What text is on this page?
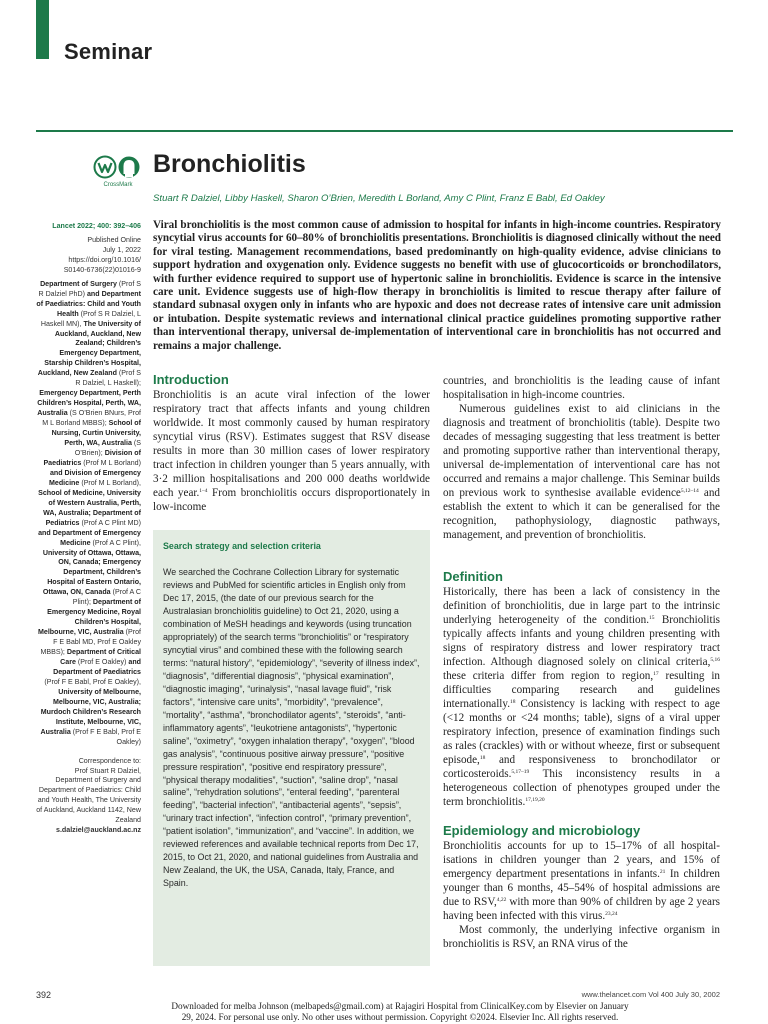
Seminar
CrossMark
Bronchiolitis
Stuart R Dalziel, Libby Haskell, Sharon O’Brien, Meredith L Borland, Amy C Plint, Franz E Babl, Ed Oakley
Lancet 2022; 400: 392–406
Published Online
July 1, 2022
https://doi.org/10.1016/
S0140-6736(22)01016-9
Department of Surgery (Prof S R Dalziel PhD) and Department of Paediatrics: Child and Youth Health (Prof S R Dalziel, L Haskell MN), The University of Auckland, Auckland, New Zealand; Children’s Emergency Department, Starship Children’s Hospital, Auckland, New Zealand (Prof S R Dalziel, L Haskell); Emergency Department, Perth Children’s Hospital, Perth, WA, Australia (S O’Brien BNurs, Prof M L Borland MBBS); School of Nursing, Curtin University, Perth, WA, Australia (S O’Brien); Division of Paediatrics (Prof M L Borland) and Division of Emergency Medicine (Prof M L Borland), School of Medicine, University of Western Australia, Perth, WA, Australia; Department of Pediatrics (Prof A C Plint MD) and Department of Emergency Medicine (Prof A C Plint), University of Ottawa, Ottawa, ON, Canada; Emergency Department, Children’s Hospital of Eastern Ontario, Ottawa, ON, Canada (Prof A C Plint); Department of Emergency Medicine, Royal Children’s Hospital, Melbourne, VIC, Australia (Prof F E Babl MD, Prof E Oakley MBBS); Department of Critical Care (Prof E Oakley) and Department of Paediatrics (Prof F E Babl, Prof E Oakley), University of Melbourne, Melbourne, VIC, Australia; Murdoch Children’s Research Institute, Melbourne, VIC, Australia (Prof F E Babl, Prof E Oakley)
Correspondence to:
Prof Stuart R Dalziel,
Department of Surgery and Department of Paediatrics: Child and Youth Health, The University of Auckland, Auckland 1142, New Zealand
s.dalziel@auckland.ac.nz
Viral bronchiolitis is the most common cause of admission to hospital for infants in high-income countries. Respiratory syncytial virus accounts for 60–80% of bronchiolitis presentations. Bronchiolitis is diagnosed clinically without the need for viral testing. Management recommendations, based predominantly on high-quality evidence, advise clinicians to support hydration and oxygenation only. Evidence suggests no benefit with use of glucocorticoids or bronchodilators, with further evidence required to support use of hypertonic saline in bronchiolitis. Evidence is scarce in the intensive care unit. Evidence suggests use of high-flow therapy in bronchiolitis is limited to rescue therapy after failure of standard subnasal oxygen only in infants who are hypoxic and does not decrease rates of intensive care unit admission or intubation. Despite systematic reviews and international clinical practice guidelines promoting supportive rather than interventional therapy, universal de-implementation of interventional care in bronchiolitis has not occurred and remains a major challenge.
Introduction

Bronchiolitis is an acute viral infection of the lower respiratory tract that affects infants and young children worldwide. It most commonly caused by human respiratory syncytial virus (RSV). Estimates suggest that RSV disease results in more than 30 million cases of lower respiratory tract infection in children younger than 5 years annually, with 3·2 million hospitalisations and 200 000 deaths worldwide each year.$^{1-4}$ From bronchiolitis occurs disproportionately in low-income

Search strategy and selection criteria
We searched the Cochrane Collection Library for systematic reviews and PubMed for scientific articles in English only from Dec 17, 2015, (the date of our previous search for the Australasian bronchiolitis guideline) to Oct 21, 2020, using a combination of MeSH headings and keywords (using truncation appropriately) of the search terms “bronchiolitis” or “respiratory syncytial virus” and combined these with the following search terms: “natural history”, “epidemiology”, “severity of illness index”, “diagnosis”, “differential diagnosis”, “physical examination”, “diagnostic imaging”, “urinalysis”, “nasal lavage fluid”, “risk factors”, “intensive care units”, “morbidity”, “prevalence”, “mortality”, “asthma”, “bronchodilator agents”, “steroids”, “anti-inflammatory agents”, “leukotriene antagonists”, “hypertonic saline”, “oximetry”, “oxygen inhalation therapy”, “oxygen”, “blood gas analysis”, “continuous positive airway pressure”, “positive pressure respiration”, “positive end respiratory pressure”, “physical therapy modalities”, “suction”, “saline drop”, “nasal saline”, “rehydration solutions”, “enteral feeding”, “parenteral feeding”, “bacterial infection”, “antibacterial agents”, “sepsis”, “urinary tract infection”, “infection control”, “primary prevention”, “patient isolation”, “immunization”, and “vaccine”. In addition, we reviewed references and available technical reports from Dec 17, 2015, to Oct 21, 2020, and national guidelines from Australia and New Zealand, the UK, the USA, Canada, Italy, France, and Spain.

countries, and bronchiolitis is the leading cause of infant hospitalisation in high-income countries.

Numerous guidelines exist to aid clinicians in the diagnosis and treatment of bronchiolitis (table). Despite two decades of messaging suggesting that less treatment is better and promoting supportive rather than interventional therapy, universal de-implementation of interventional care has not occurred and remains a major challenge. This Seminar builds on previous work to synthesise available evidence$^{5,12-14}$ and establish the extent to which it can be generalised for the recognition, pathophysiology, diagnostic pathways, management, and prevention of bronchiolitis.

Definition

Historically, there has been a lack of consistency in the definition of bronchiolitis, due in large part to the intrinsic underlying heterogeneity of the condition.$^{15}$ Bronchiolitis typically affects infants and young children presenting with signs of respiratory distress and lower respiratory tract infection. Although diagnosed solely on clinical criteria,$^{5,16}$ these criteria differ from region to region,$^{17}$ resulting in difficulties comparing research and guidelines internationally.$^{18}$ Consistency is lacking with respect to age (<12 months or <24 months; table), signs of a viral upper respiratory infection, presence of examination findings such as rales (crackles) with or without wheeze, first or subsequent episode,$^{18}$ and responsiveness to bronchodilator or corticosteroids.$^{5,17-19}$ This inconsistency results in a heterogeneous collection of phenotypes grouped under the term bronchiolitis.$^{17,19,20}$

Epidemiology and microbiology

Bronchiolitis accounts for up to 15–17% of all hospital-isations in children younger than 2 years, and 15% of emergency department presentations in infants.$^{21}$ In children younger than 6 months, 45–54% of hospital admissions are due to RSV,$^{4,22}$ with more than 90% of children by age 2 years having been infected with this virus.$^{23,24}$

Most commonly, the underlying infective organism in bronchiolitis is RSV, an RNA virus of the

392	www.thelancet.com Vol 400 July 30, 2002
Downloaded for melba Johnson (melbapeds@gmail.com) at Rajagiri Hospital from ClinicalKey.com by Elsevier on January
29, 2024. For personal use only. No other uses without permission. Copyright ©2024. Elsevier Inc. All rights reserved.
